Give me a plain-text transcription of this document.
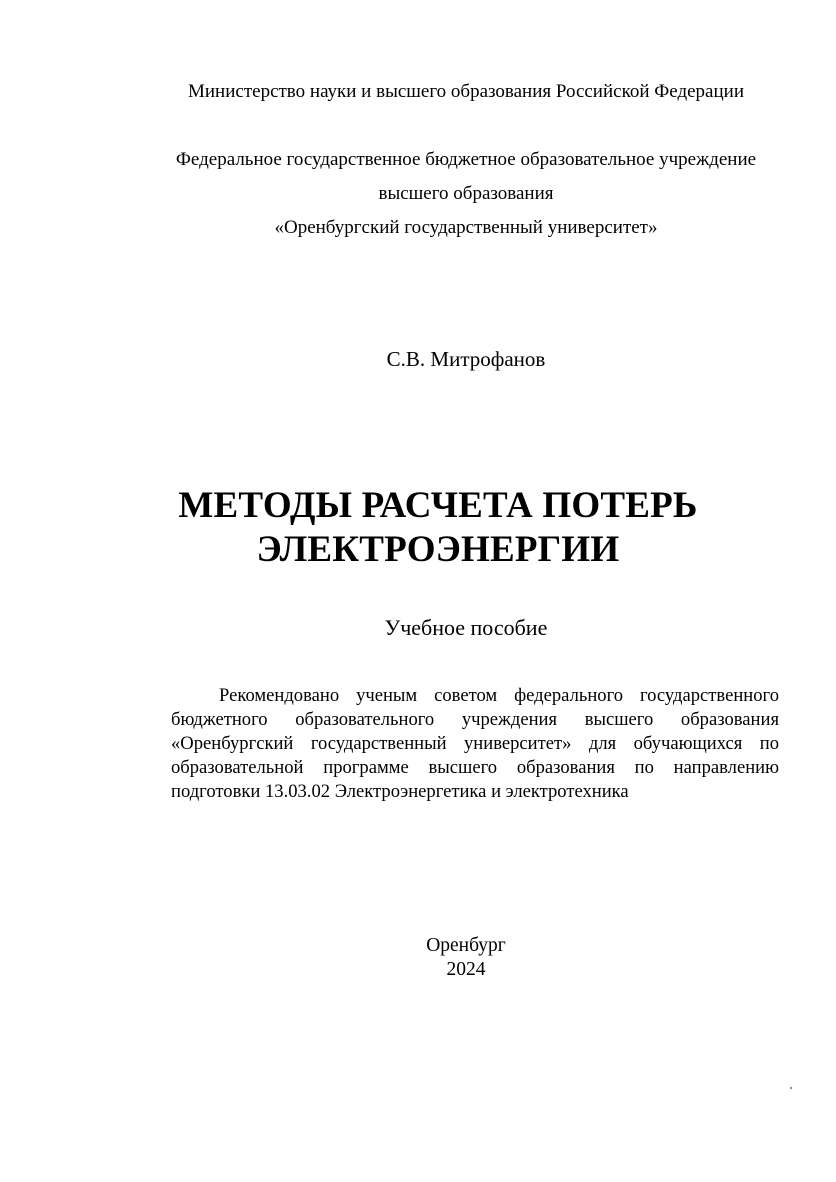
Министерство науки и высшего образования Российской Федерации
Федеральное государственное бюджетное образовательное учреждение
высшего образования
«Оренбургский государственный университет»
С.В. Митрофанов
МЕТОДЫ РАСЧЕТА ПОТЕРЬ
ЭЛЕКТРОЭНЕРГИИ
Учебное пособие
Рекомендовано ученым советом федерального государственного бюджетного образовательного учреждения высшего образования «Оренбургский государственный университет» для обучающихся по образовательной программе высшего образования по направлению подготовки 13.03.02 Электроэнергетика и электротехника
Оренбург
2024
